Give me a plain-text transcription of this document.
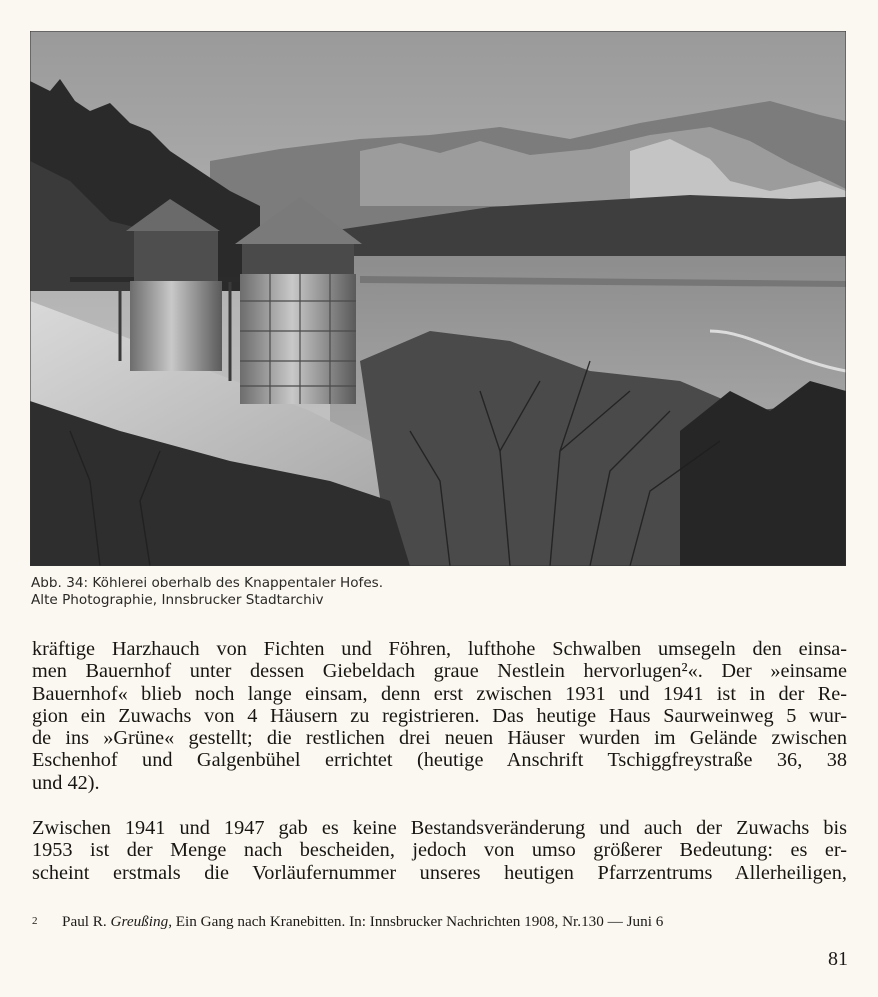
Abb. 34: Köhlerei oberhalb des Knappentaler Hofes.
Alte Photographie, Innsbrucker Stadtarchiv
kräftige Harzhauch von Fichten und Föhren, lufthohe Schwalben umsegeln den einsa-
men Bauernhof unter dessen Giebeldach graue Nestlein hervorlugen²«. Der »einsame
Bauernhof« blieb noch lange einsam, denn erst zwischen 1931 und 1941 ist in der Re-
gion ein Zuwachs von 4 Häusern zu registrieren. Das heutige Haus Saurweinweg 5 wur-
de ins »Grüne« gestellt; die restlichen drei neuen Häuser wurden im Gelände zwischen
Eschenhof und Galgenbühel errichtet (heutige Anschrift Tschiggfreystraße 36, 38
und 42).
Zwischen 1941 und 1947 gab es keine Bestandsveränderung und auch der Zuwachs bis
1953 ist der Menge nach bescheiden, jedoch von umso größerer Bedeutung: es er-
scheint erstmals die Vorläufernummer unseres heutigen Pfarrzentrums Allerheiligen,
2 Paul R. Greußing, Ein Gang nach Kranebitten. In: Innsbrucker Nachrichten 1908, Nr.130 — Juni 6
81
